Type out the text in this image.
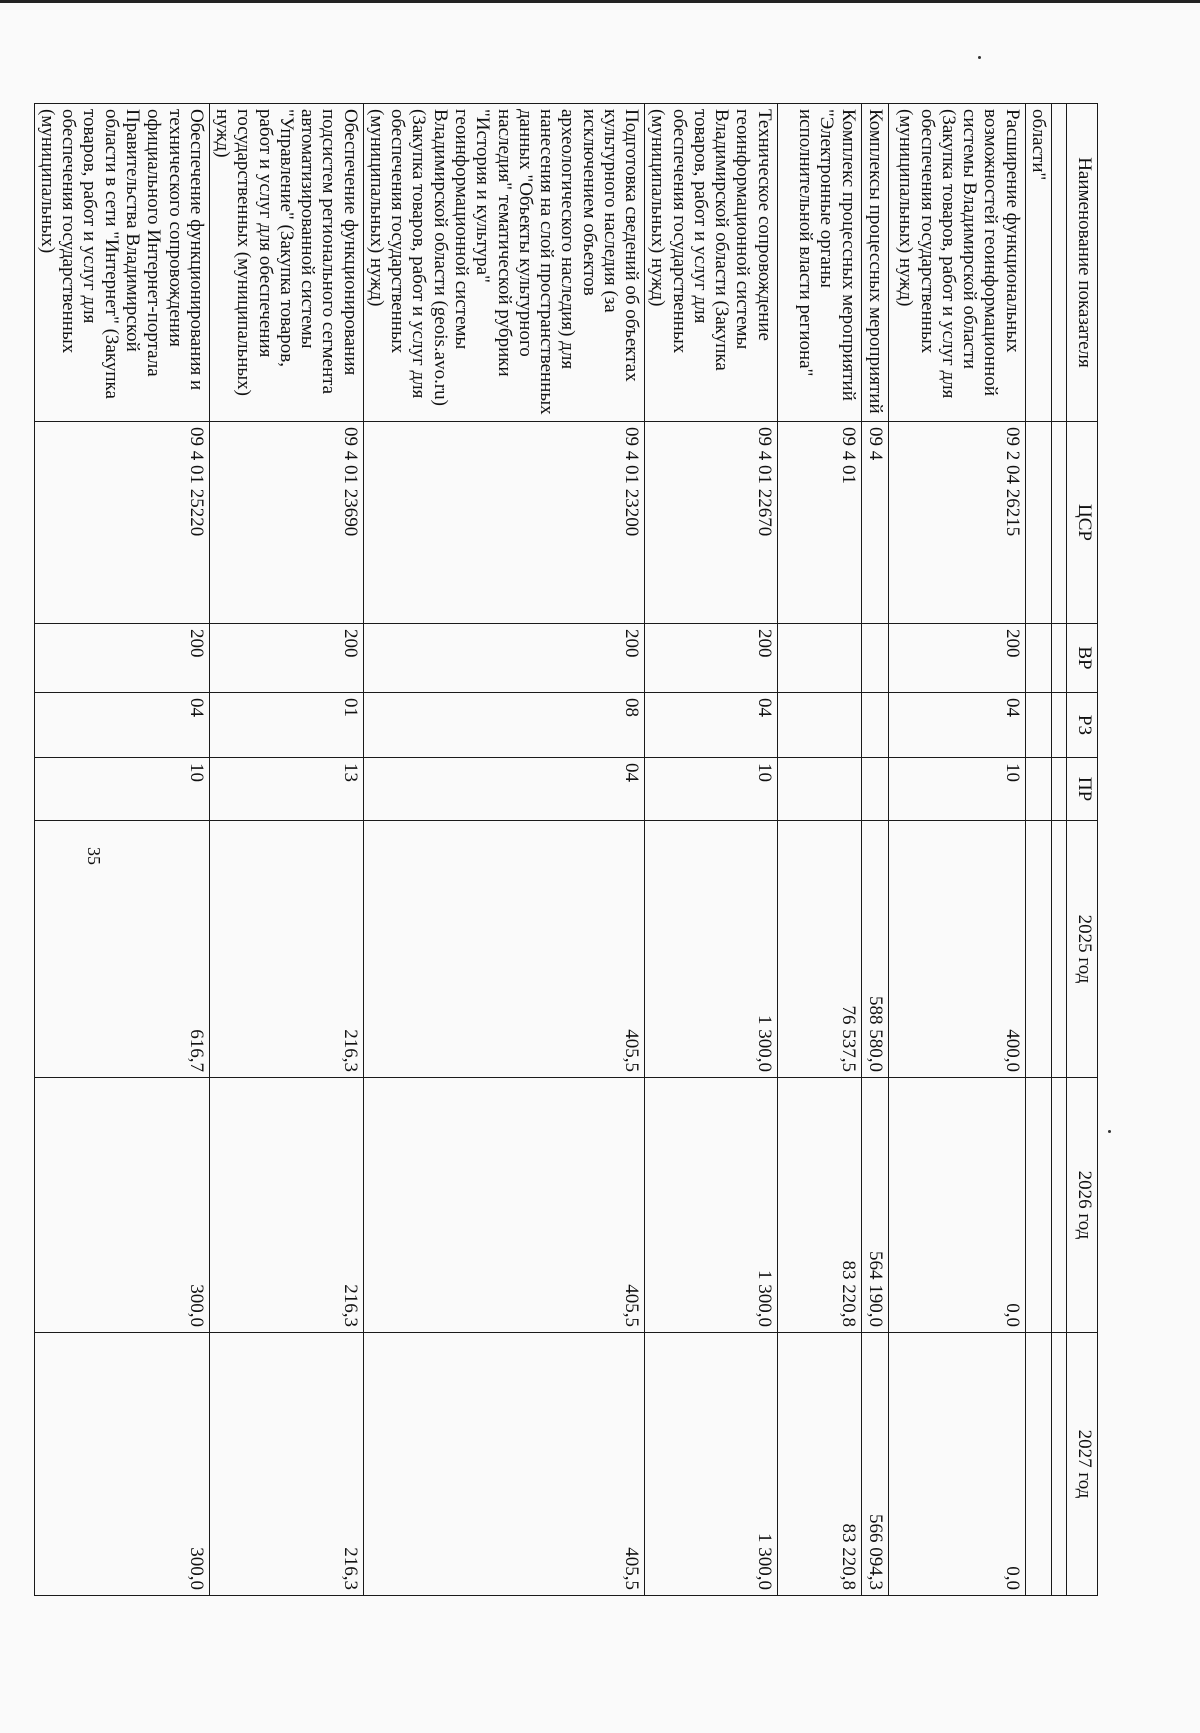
35
Наименование показателя	ЦСР	ВР	РЗ	ПР	2025 год	2026 год	2027 год

области"							
Расширение функциональных возможностей геоинформационной системы Владимирской области (Закупка товаров, работ и услуг для обеспечения государственных (муниципальных) нужд)	09 2 04 26215	200	04	10	400,0	0,0	0,0
Комплексы процессных мероприятий	09 4				588 580,0	564 190,0	566 094,3
Комплекс процессных мероприятий "Электронные органы исполнительной власти региона"	09 4 01				76 537,5	83 220,8	83 220,8
Техническое сопровождение геоинформационной системы Владимирской области (Закупка товаров, работ и услуг для обеспечения государственных (муниципальных) нужд)	09 4 01 22670	200	04	10	1 300,0	1 300,0	1 300,0
Подготовка сведений об объектах культурного наследия (за исключением объектов археологического наследия) для нанесения на слой пространственных данных "Объекты культурного наследия" тематической рубрики "История и культура" геоинформационной системы Владимирской области (geois.avo.ru) (Закупка товаров, работ и услуг для обеспечения государственных (муниципальных) нужд)	09 4 01 23200	200	08	04	405,5	405,5	405,5
Обеспечение функционирования подсистем регионального сегмента автоматизированной системы "Управление" (Закупка товаров, работ и услуг для обеспечения государственных (муниципальных) нужд)	09 4 01 23690	200	01	13	216,3	216,3	216,3
Обеспечение функционирования и технического сопровождения официального Интернет-портала Правительства Владимирской области в сети "Интернет" (Закупка товаров, работ и услуг для обеспечения государственных (муниципальных)	09 4 01 25220	200	04	10	616,7	300,0	300,0
